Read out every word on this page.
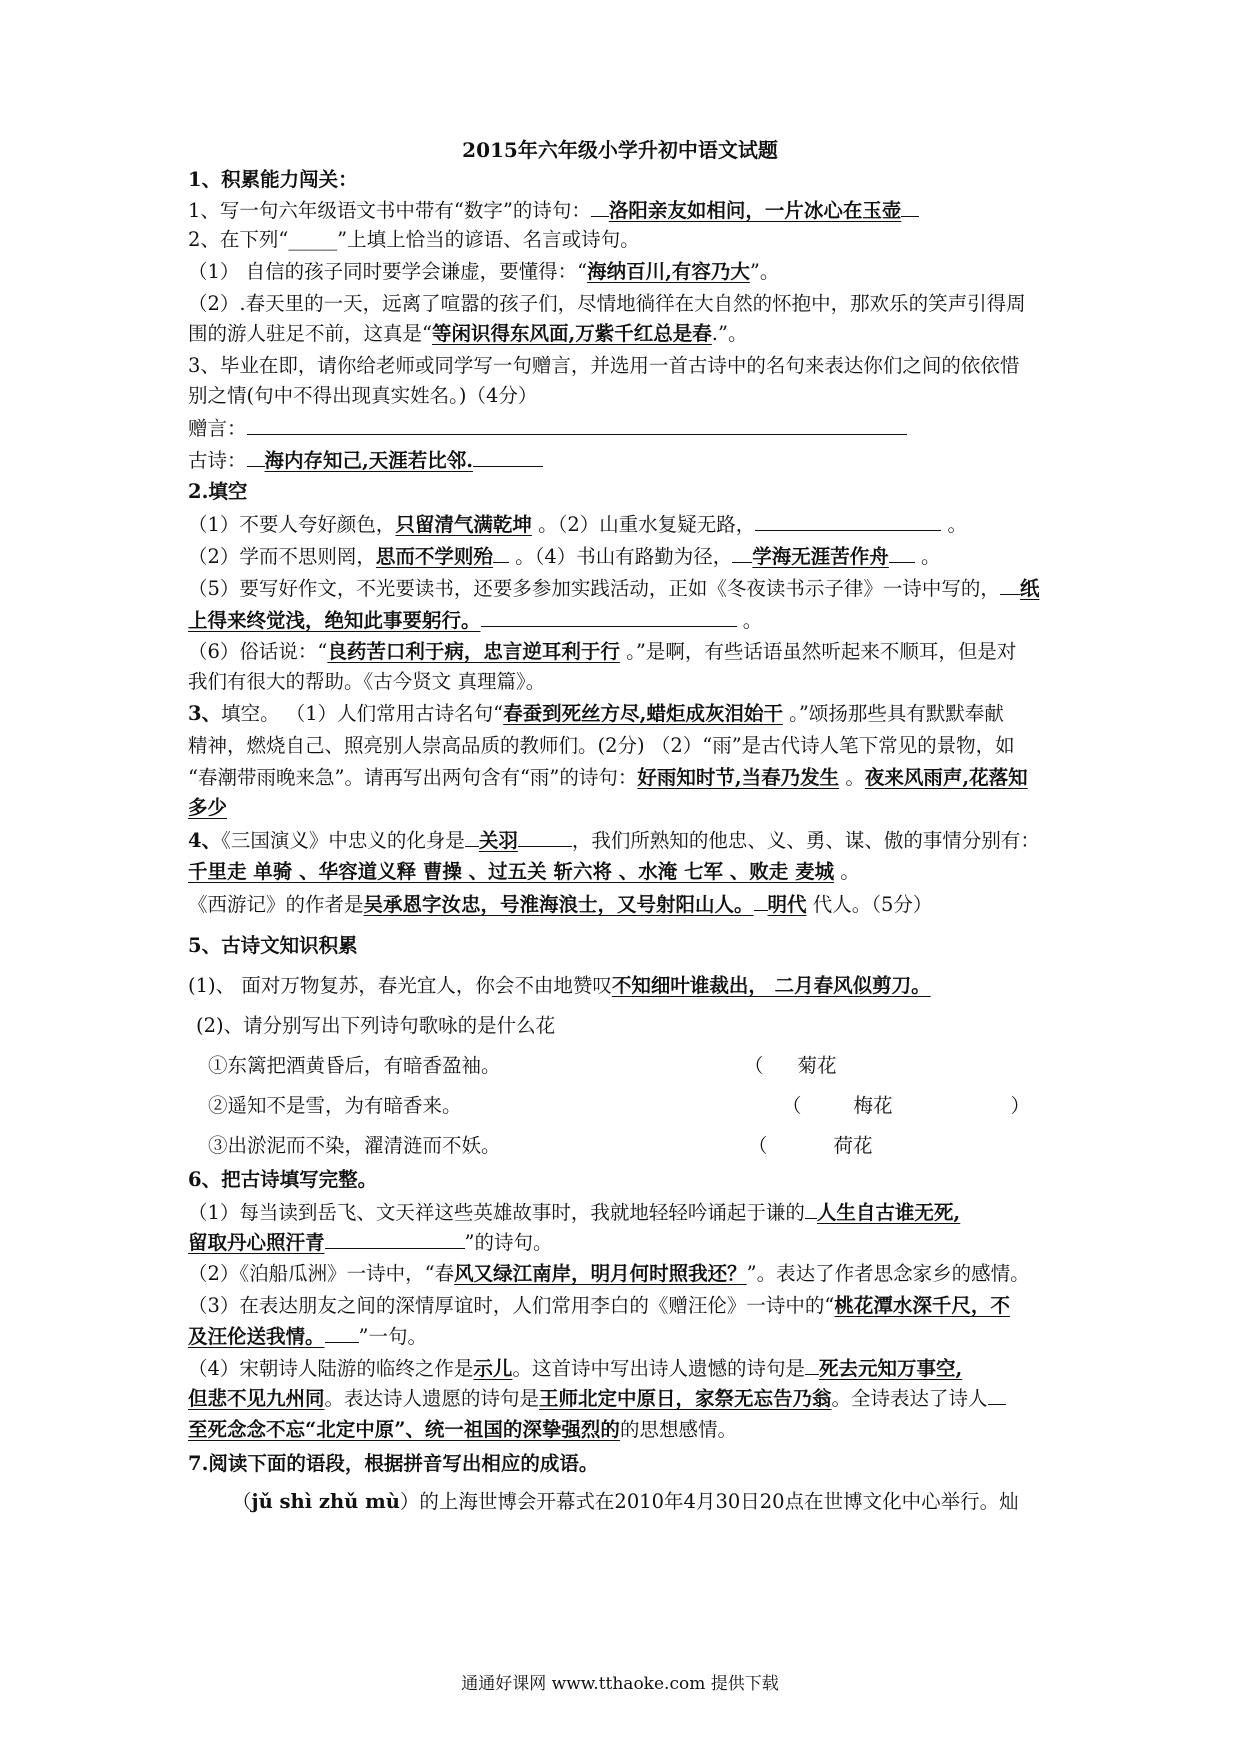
2015年六年级小学升初中语文试题
1、积累能力闯关：
1、写一句六年级语文书中带有“数字”的诗句： 洛阳亲友如相问，一片冰心在玉壶
2、在下列“_____”上填上恰当的谚语、名言或诗句。
（1） 自信的孩子同时要学会谦虚，要懂得：“海纳百川,有容乃大”。
（2）.春天里的一天，远离了喧嚣的孩子们，尽情地徜徉在大自然的怀抱中，那欢乐的笑声引得周
围的游人驻足不前，这真是“等闲识得东风面,万紫千红总是春.”。
3、毕业在即，请你给老师或同学写一句赠言，并选用一首古诗中的名句来表达你们之间的依依惜
别之情(句中不得出现真实姓名。)（4分）
赠言：
古诗： 海内存知己,天涯若比邻.
2.填空
（1）不要人夸好颜色，只留清气满乾坤 。（2）山重水复疑无路，	。
（2）学而不思则罔，思而不学则殆 。（4）书山有路勤为径， 学海无涯苦作舟 。
（5）要写好作文，不光要读书，还要多参加实践活动，正如《冬夜读书示子律》一诗中写的， 纸
上得来终觉浅，绝知此事要躬行。	。
（6）俗话说：“良药苦口利于病，忠言逆耳利于行 。”是啊，有些话语虽然听起来不顺耳，但是对
我们有很大的帮助。《古今贤文 真理篇》。
3、填空。 （1）人们常用古诗名句“春蚕到死丝方尽,蜡炬成灰泪始干 。”颂扬那些具有默默奉献
精神，燃烧自己、照亮别人崇高品质的教师们。(2分) （2）“雨”是古代诗人笔下常见的景物，如
“春潮带雨晚来急”。请再写出两句含有“雨”的诗句：好雨知时节,当春乃发生 。夜来风雨声,花落知
多少
4、《三国演义》中忠义的化身是 关羽	，我们所熟知的他忠、义、勇、谋、傲的事情分别有：
千里走 单骑 、华容道义释 曹操 、过五关 斩六将 、水淹 七军 、败走 麦城 。
《西游记》的作者是吴承恩字汝忠，号淮海浪士，又号射阳山人。 明代 代人。（5分）
5、古诗文知识积累
(1)、 面对万物复苏，春光宜人，你会不由地赞叹不知细叶谁裁出， 二月春风似剪刀。
(2)、请分别写出下列诗句歌咏的是什么花
①东篱把酒黄昏后，有暗香盈袖。	（ 菊花
②遥知不是雪，为有暗香来。	（	梅花	）
③出淤泥而不染，濯清涟而不妖。	（	荷花
6、把古诗填写完整。
（1）每当读到岳飞、文天祥这些英雄故事时，我就地轻轻吟诵起于谦的 人生自古谁无死,
留取丹心照汗青	”的诗句。
（2）《泊船瓜洲》一诗中，“春风又绿江南岸，明月何时照我还？”。表达了作者思念家乡的感情。
（3）在表达朋友之间的深情厚谊时，人们常用李白的《赠汪伦》一诗中的“桃花潭水深千尺，不
及汪伦送我情。 ”一句。
（4）宋朝诗人陆游的临终之作是示儿。这首诗中写出诗人遗憾的诗句是 死去元知万事空,
但悲不见九州同。表达诗人遗愿的诗句是王师北定中原日，家祭无忘告乃翁。全诗表达了诗人
至死念念不忘“北定中原”、统一祖国的深挚强烈的的思想感情。
7.阅读下面的语段，根据拼音写出相应的成语。
（jǔ shì zhǔ mù）的上海世博会开幕式在2010年4月30日20点在世博文化中心举行。灿
通通好课网 www.tthaoke.com 提供下载
